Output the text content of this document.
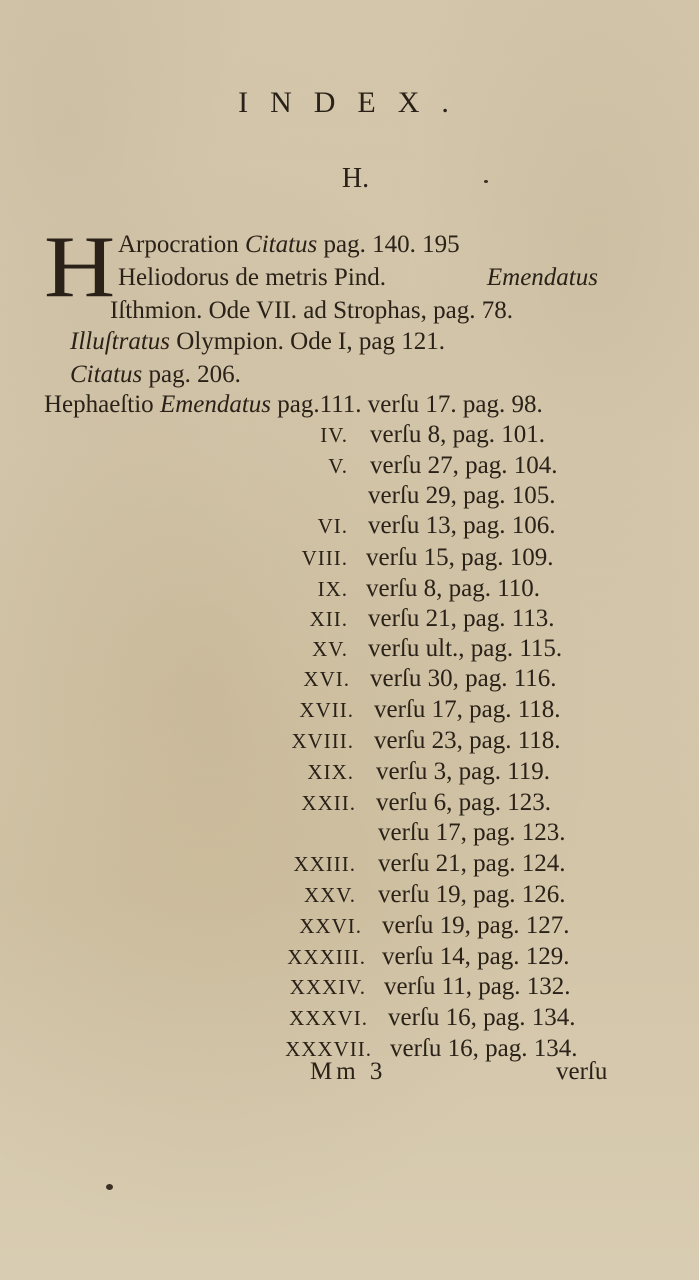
INDEX.
H.
H Arpocration Citatus pag. 140. 195
Heliodorus de metris Pind.	Emendatus
Iſthmion. Ode VII. ad Strophas, pag. 78.
Illuſtratus Olympion. Ode I, pag 121.
Citatus pag. 206.
Hephaeſtio Emendatus pag.111. verſu 17. pag. 98.
IV. verſu 8, pag. 101.
V. verſu 27, pag. 104.
verſu 29, pag. 105.
VI. verſu 13, pag. 106.
VIII. verſu 15, pag. 109.
IX. verſu 8, pag. 110.
XII. verſu 21, pag. 113.
XV. verſu ult., pag. 115.
XVI. verſu 30, pag. 116.
XVII. verſu 17, pag. 118.
XVIII. verſu 23, pag. 118.
XIX. verſu 3, pag. 119.
XXII. verſu 6, pag. 123.
verſu 17, pag. 123.
XXIII. verſu 21, pag. 124.
XXV. verſu 19, pag. 126.
XXVI. verſu 19, pag. 127.
XXXIII. verſu 14, pag. 129.
XXXIV. verſu 11, pag. 132.
XXXVI. verſu 16, pag. 134.
XXXVII. verſu 16, pag. 134.
Mm 3	verſu
